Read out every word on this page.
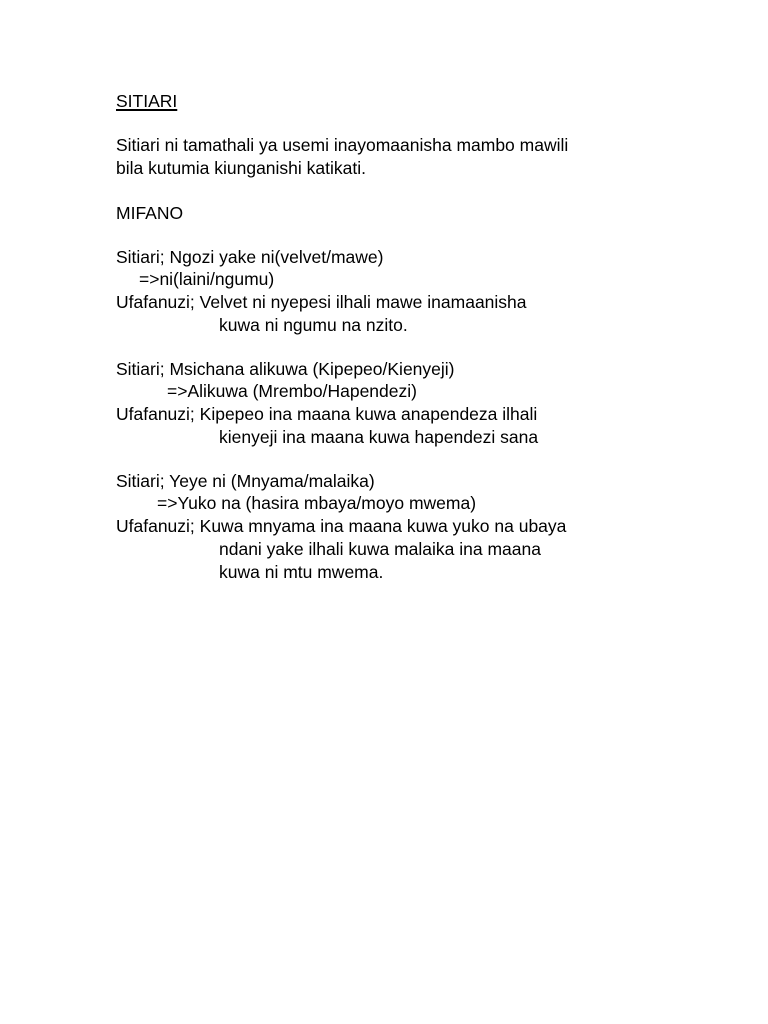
SITIARI
Sitiari ni tamathali ya usemi inayomaanisha mambo mawili
bila kutumia kiunganishi katikati.
MIFANO
Sitiari; Ngozi yake ni(velvet/mawe)
=>ni(laini/ngumu)
Ufafanuzi; Velvet ni nyepesi ilhali mawe inamaanisha
kuwa ni ngumu na nzito.
Sitiari; Msichana alikuwa (Kipepeo/Kienyeji)
=>Alikuwa (Mrembo/Hapendezi)
Ufafanuzi; Kipepeo ina maana kuwa anapendeza ilhali
kienyeji ina maana kuwa hapendezi sana
Sitiari; Yeye ni (Mnyama/malaika)
=>Yuko na (hasira mbaya/moyo mwema)
Ufafanuzi; Kuwa mnyama ina maana kuwa yuko na ubaya
ndani yake ilhali kuwa malaika ina maana
kuwa ni mtu mwema.
